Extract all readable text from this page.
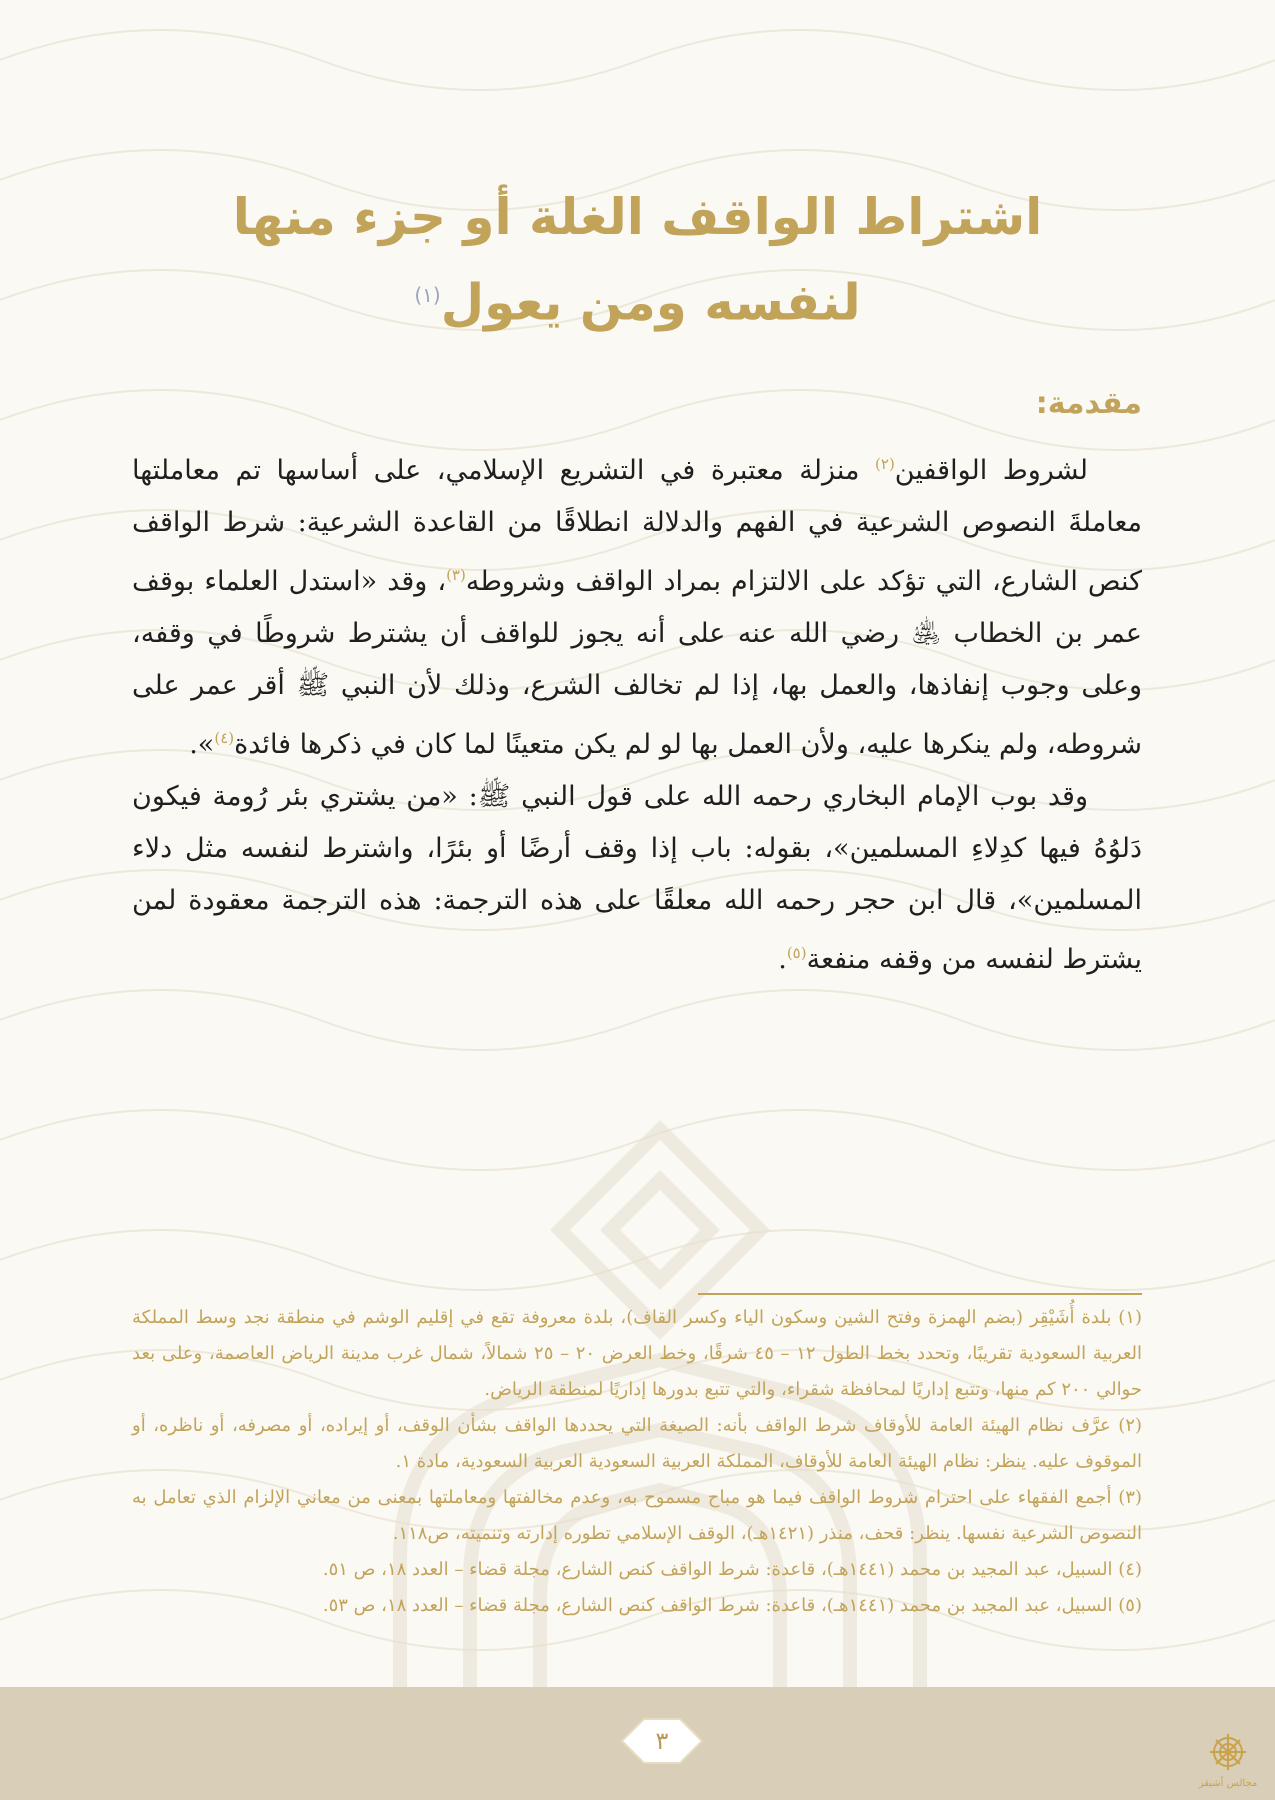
اشتراط الواقف الغلة أو جزء منها
لنفسه ومن يعول$^{(١)}$
مقدمة:

لشروط الواقفين$^{(٢)}$ منزلة معتبرة في التشريع الإسلامي، على أساسها تم معاملتها معاملةَ النصوص الشرعية في الفهم والدلالة انطلاقًا من القاعدة الشرعية: شرط الواقف كنص الشارع، التي تؤكد على الالتزام بمراد الواقف وشروطه$^{(٣)}$، وقد «استدل العلماء بوقف عمر بن الخطاب ﵁ رضي الله عنه على أنه يجوز للواقف أن يشترط شروطًا في وقفه، وعلى وجوب إنفاذها، والعمل بها، إذا لم تخالف الشرع، وذلك لأن النبي ﷺ أقر عمر على شروطه، ولم ينكرها عليه، ولأن العمل بها لو لم يكن متعينًا لما كان في ذكرها فائدة$^{(٤)}$».

وقد بوب الإمام البخاري رحمه الله على قول النبي ﷺ: «من يشتري بئر رُومة فيكون دَلوُهُ فيها كدِلاءِ المسلمين»، بقوله: باب إذا وقف أرضًا أو بئرًا، واشترط لنفسه مثل دلاء المسلمين»، قال ابن حجر رحمه الله معلقًا على هذه الترجمة: هذه الترجمة معقودة لمن يشترط لنفسه من وقفه منفعة$^{(٥)}$.

(١) بلدة أُشَيْقِر (بضم الهمزة وفتح الشين وسكون الياء وكسر القاف)، بلدة معروفة تقع في إقليم الوشم في منطقة نجد وسط المملكة العربية السعودية تقريبًا، وتحدد بخط الطول ١٢ – ٤٥ شرقًا، وخط العرض ٢٠ – ٢٥ شمالاً، شمال غرب مدينة الرياض العاصمة، وعلى بعد حوالي ٢٠٠ كم منها، وتتبع إداريًا لمحافظة شقراء، والتي تتبع بدورها إداريًا لمنطقة الرياض.

(٢) عرَّف نظام الهيئة العامة للأوقاف شرط الواقف بأنه: الصيغة التي يحددها الواقف بشأن الوقف، أو إيراده، أو مصرفه، أو ناظره، أو الموقوف عليه. ينظر: نظام الهيئة العامة للأوقاف، المملكة العربية السعودية العربية السعودية، مادة ١.

(٣) أجمع الفقهاء على احترام شروط الواقف فيما هو مباح مسموح به، وعدم مخالفتها ومعاملتها بمعنى من معاني الإلزام الذي تعامل به النصوص الشرعية نفسها. ينظر: قحف، منذر (١٤٢١هـ)، الوقف الإسلامي تطوره إدارته وتنميته، ص١١٨.

(٤) السبيل، عبد المجيد بن محمد (١٤٤١هـ)، قاعدة: شرط الواقف كنص الشارع، مجلة قضاء – العدد ١٨، ص ٥١.

(٥) السبيل، عبد المجيد بن محمد (١٤٤١هـ)، قاعدة: شرط الواقف كنص الشارع، مجلة قضاء – العدد ١٨، ص ٥٣.

٣
مجالس أشيقر
